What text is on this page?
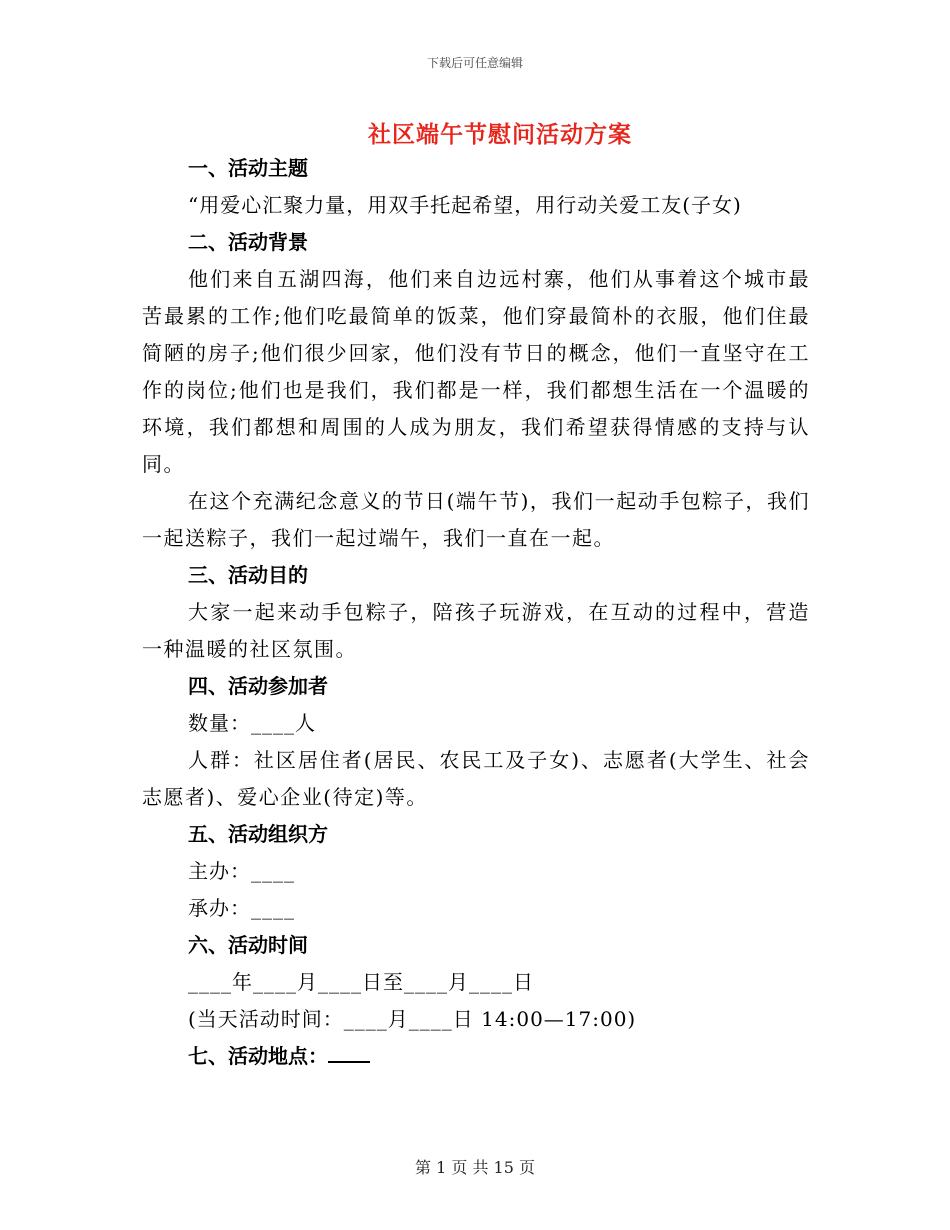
下载后可任意编辑
社区端午节慰问活动方案
一、活动主题
“用爱心汇聚力量，用双手托起希望，用行动关爱工友(子女)
二、活动背景

他们来自五湖四海，他们来自边远村寨，他们从事着这个城市最苦最累的工作;他们吃最简单的饭菜，他们穿最简朴的衣服，他们住最简陋的房子;他们很少回家，他们没有节日的概念，他们一直坚守在工作的岗位;他们也是我们，我们都是一样，我们都想生活在一个温暖的环境，我们都想和周围的人成为朋友，我们希望获得情感的支持与认同。

在这个充满纪念意义的节日(端午节)，我们一起动手包粽子，我们一起送粽子，我们一起过端午，我们一直在一起。

三、活动目的

大家一起来动手包粽子，陪孩子玩游戏，在互动的过程中，营造一种温暖的社区氛围。

四、活动参加者
数量：____人

人群：社区居住者(居民、农民工及子女)、志愿者(大学生、社会志愿者)、爱心企业(待定)等。

五、活动组织方
主办：____
承办：____
六、活动时间
____年____月____日至____月____日
(当天活动时间：____月____日 14:00—17:00)
七、活动地点：
第 1 页 共 15 页
